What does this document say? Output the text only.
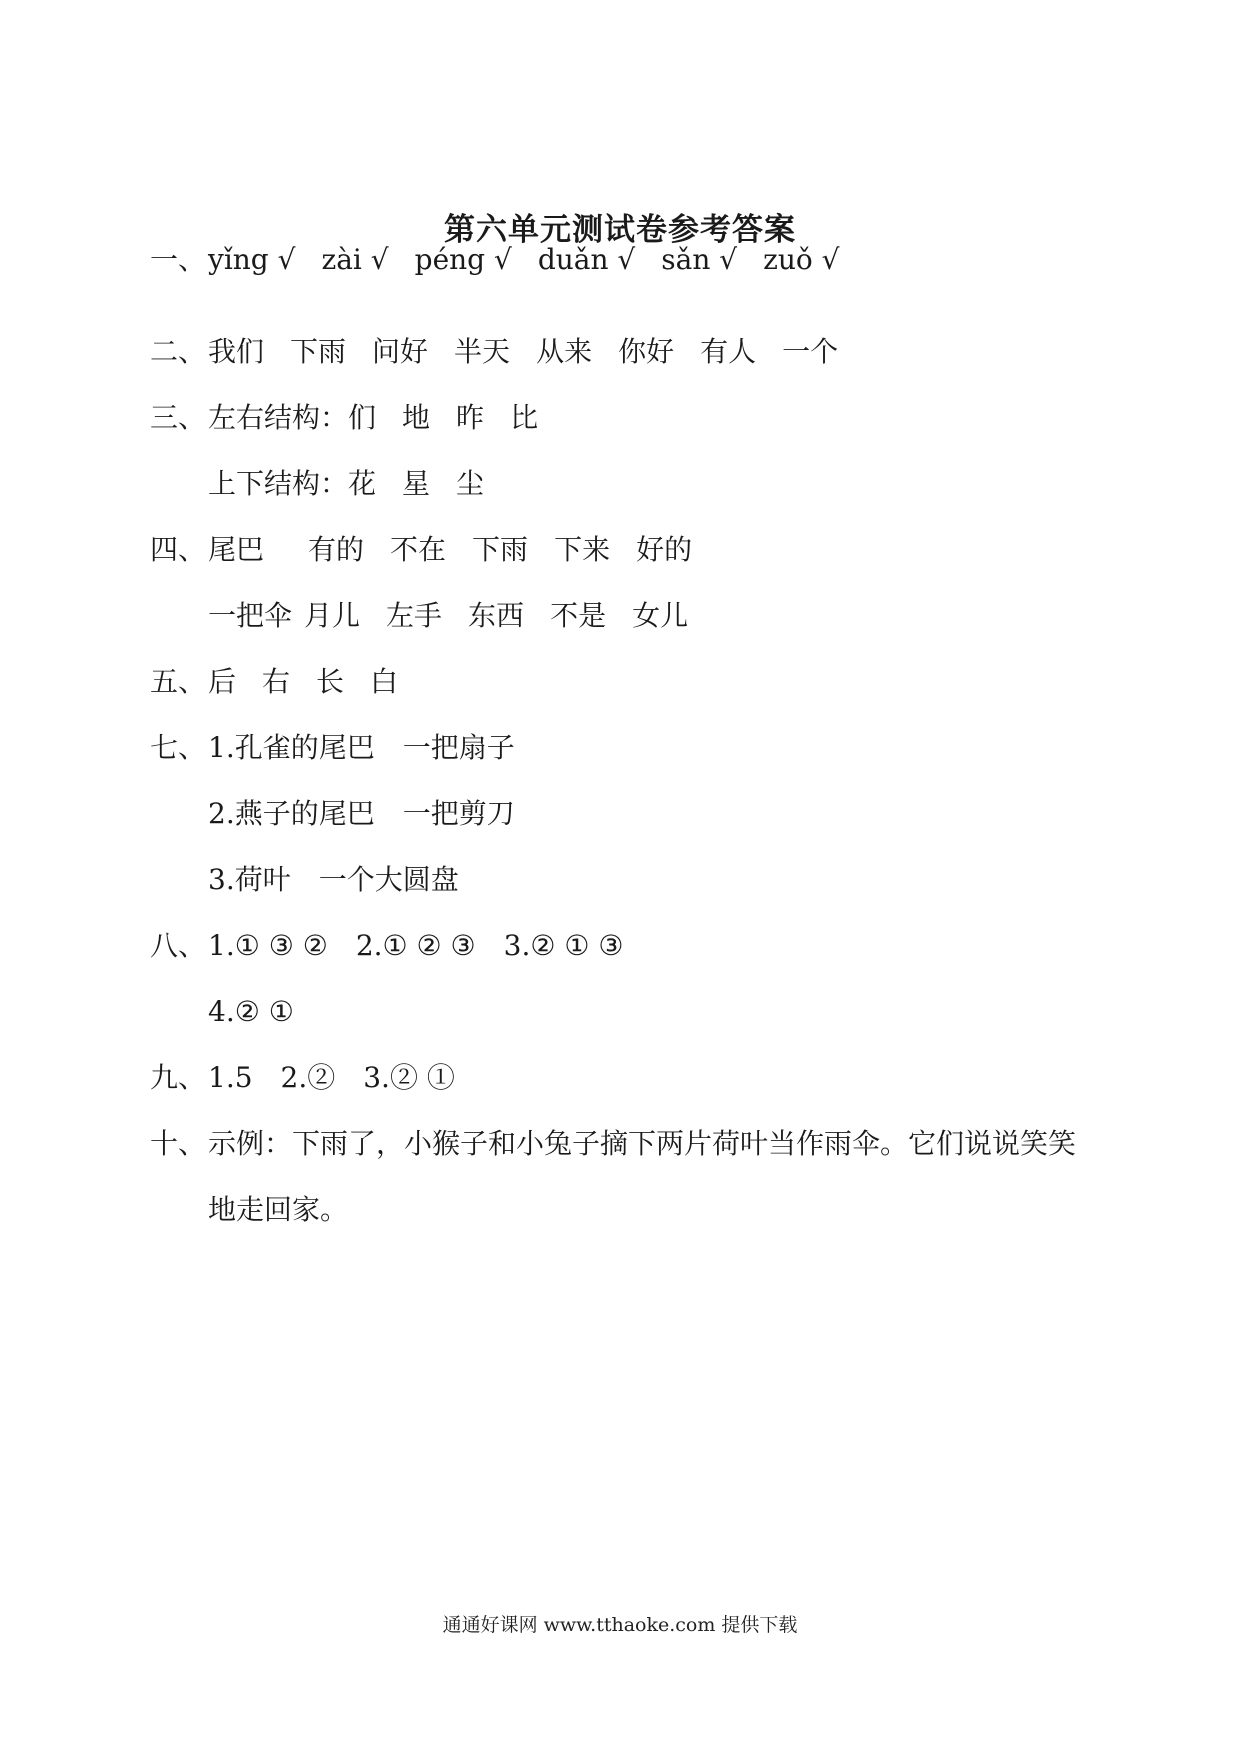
第六单元测试卷参考答案
一、yǐng √ zài √ péng √ duǎn √ sǎn √ zuǒ √
二、我们 下雨 问好 半天 从来 你好 有人 一个
三、左右结构：们 地 昨 比
上下结构：花 星 尘
四、尾巴 有的 不在 下雨 下来 好的
一把伞 月儿 左手 东西 不是 女儿
五、后 右 长 白
七、1.孔雀的尾巴　一把扇子
2.燕子的尾巴　一把剪刀
3.荷叶　一个大圆盘
八、1.① ③ ②　2.① ② ③　3.② ① ③
4.② ①
九、1.5　2.②　3.② ①
十、示例：下雨了，小猴子和小兔子摘下两片荷叶当作雨伞。它们说说笑笑
地走回家。
通通好课网 www.tthaoke.com 提供下载
